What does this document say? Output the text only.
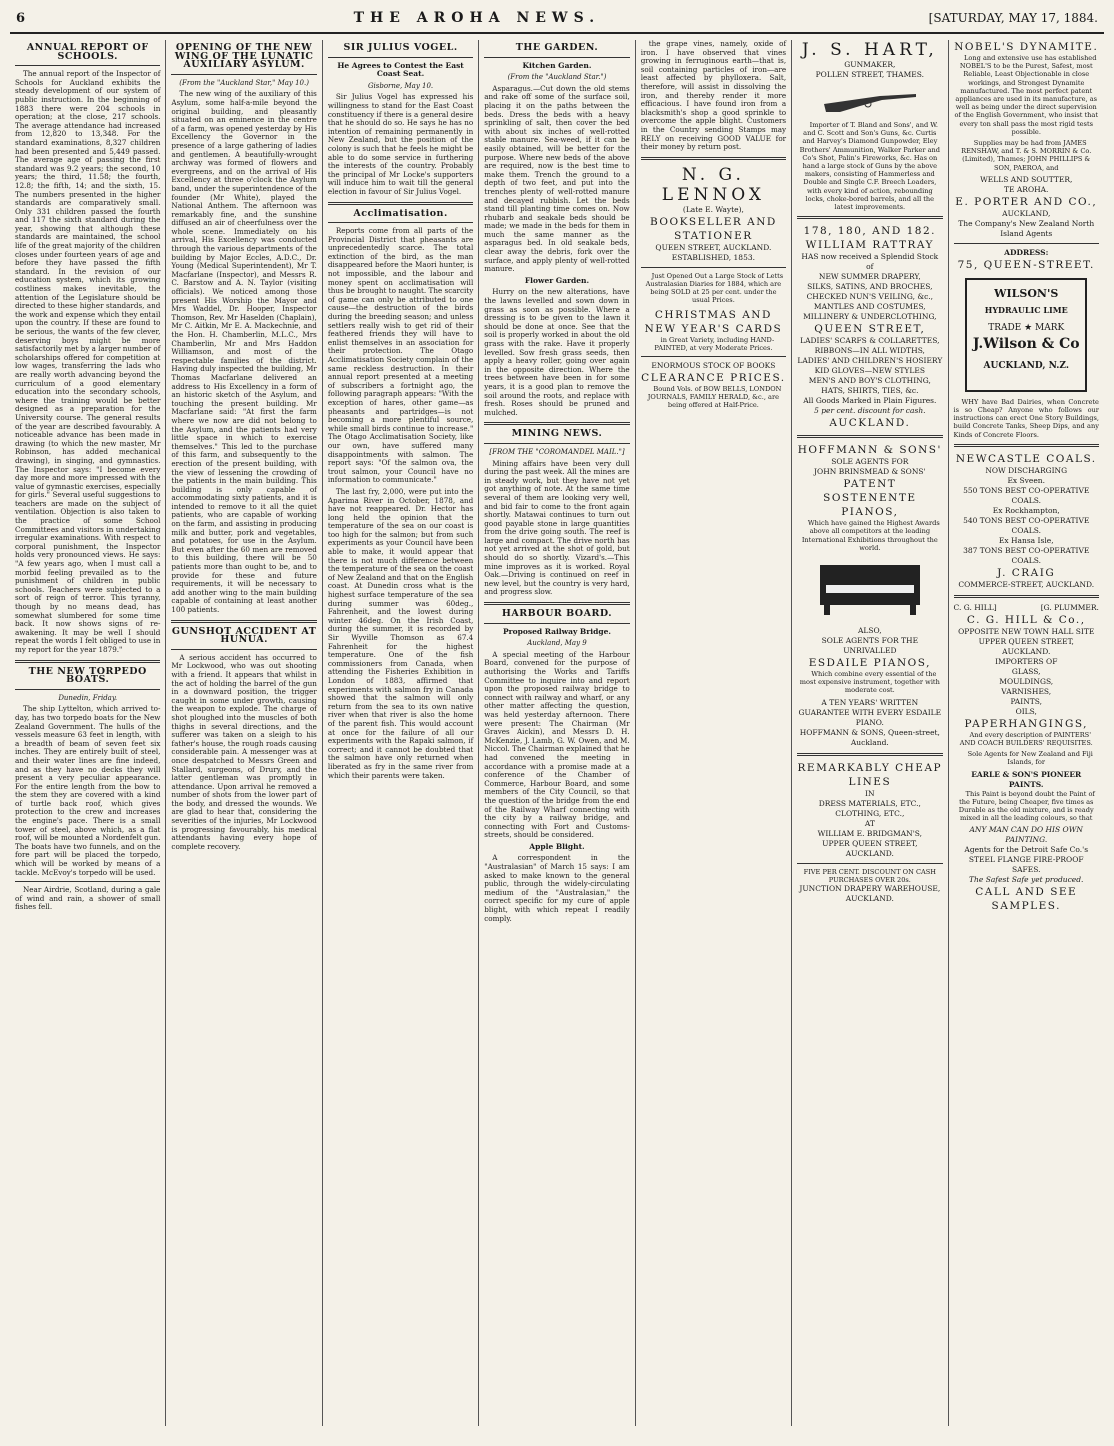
6	THE AROHA NEWS.	[SATURDAY, MAY 17, 1884.
ANNUAL REPORT OF SCHOOLS.

The annual report of the Inspector of Schools for Auckland exhibits the steady development of our system of public instruction. In the beginning of 1883 there were 204 schools in operation; at the close, 217 schools. The average attendance had increased from 12,820 to 13,348. For the standard examinations, 8,327 children had been presented and 5,449 passed. The average age of passing the first standard was 9.2 years; the second, 10 years; the third, 11.58; the fourth, 12.8; the fifth, 14; and the sixth, 15. The numbers presented in the higher standards are comparatively small. Only 331 children passed the fourth and 117 the sixth standard during the year, showing that although these standards are maintained, the school life of the great majority of the children closes under fourteen years of age and before they have passed the fifth standard. In the revision of our education system, which its growing costliness makes inevitable, the attention of the Legislature should be directed to these higher standards, and the work and expense which they entail upon the country. If these are found to be serious, the wants of the few clever, deserving boys might be more satisfactorily met by a larger number of scholarships offered for competition at low wages, transferring the lads who are really worth advancing beyond the curriculum of a good elementary education into the secondary schools, where the training would be better designed as a preparation for the University course. The general results of the year are described favourably. A noticeable advance has been made in drawing (to which the new master, Mr Robinson, has added mechanical drawing), in singing, and gymnastics. The Inspector says: "I become every day more and more impressed with the value of gymnastic exercises, especially for girls." Several useful suggestions to teachers are made on the subject of ventilation. Objection is also taken to the practice of some School Committees and visitors in undertaking irregular examinations. With respect to corporal punishment, the Inspector holds very pronounced views. He says: "A few years ago, when I must call a morbid feeling prevailed as to the punishment of children in public schools. Teachers were subjected to a sort of reign of terror. This tyranny, though by no means dead, has somewhat slumbered for some time back. It now shows signs of re-awakening. It may be well I should repeat the words I felt obliged to use in my report for the year 1879."

THE NEW TORPEDO BOATS.
Dunedin, Friday.

The ship Lyttelton, which arrived to-day, has two torpedo boats for the New Zealand Government. The hulls of the vessels measure 63 feet in length, with a breadth of beam of seven feet six inches. They are entirely built of steel, and their water lines are fine indeed, and as they have no decks they will present a very peculiar appearance. For the entire length from the bow to the stem they are covered with a kind of turtle back roof, which gives protection to the crew and increases the engine's pace. There is a small tower of steel, above which, as a flat roof, will be mounted a Nordenfelt gun. The boats have two funnels, and on the fore part will be placed the torpedo, which will be worked by means of a tackle. McEvoy's torpedo will be used.

Near Airdrie, Scotland, during a gale of wind and rain, a shower of small fishes fell.

OPENING OF THE NEW WING OF THE LUNATIC AUXILIARY ASYLUM.
(From the "Auckland Star," May 10.)

The new wing of the auxiliary of this Asylum, some half-a-mile beyond the original building, and pleasantly situated on an eminence in the centre of a farm, was opened yesterday by His Excellency the Governor in the presence of a large gathering of ladies and gentlemen. A beautifully-wrought archway was formed of flowers and evergreens, and on the arrival of His Excellency at three o'clock the Asylum band, under the superintendence of the founder (Mr White), played the National Anthem. The afternoon was remarkably fine, and the sunshine diffused an air of cheerfulness over the whole scene. Immediately on his arrival, His Excellency was conducted through the various departments of the building by Major Eccles, A.D.C., Dr. Young (Medical Superintendent), Mr T. Macfarlane (Inspector), and Messrs R. C. Barstow and A. N. Taylor (visiting officials). We noticed among those present His Worship the Mayor and Mrs Waddel, Dr. Hooper, Inspector Thomson, Rev. Mr Haselden (Chaplain), Mr C. Aitkin, Mr E. A. Mackechnie, and the Hon. H. Chamberlin, M.L.C., Mrs Chamberlin, Mr and Mrs Haddon Williamson, and most of the respectable families of the district. Having duly inspected the building, Mr Thomas Macfarlane delivered an address to His Excellency in a form of an historic sketch of the Asylum, and touching the present building. Mr Macfarlane said: "At first the farm where we now are did not belong to the Asylum, and the patients had very little space in which to exercise themselves." This led to the purchase of this farm, and subsequently to the erection of the present building, with the view of lessening the crowding of the patients in the main building. This building is only capable of accommodating sixty patients, and it is intended to remove to it all the quiet patients, who are capable of working on the farm, and assisting in producing milk and butter, pork and vegetables, and potatoes, for use in the Asylum. But even after the 60 men are removed to this building, there will be 50 patients more than ought to be, and to provide for these and future requirements, it will be necessary to add another wing to the main building capable of containing at least another 100 patients.

GUNSHOT ACCIDENT AT HUNUA.

A serious accident has occurred to Mr Lockwood, who was out shooting with a friend. It appears that whilst in the act of holding the barrel of the gun in a downward position, the trigger caught in some under growth, causing the weapon to explode. The charge of shot ploughed into the muscles of both thighs in several directions, and the sufferer was taken on a sleigh to his father's house, the rough roads causing considerable pain. A messenger was at once despatched to Messrs Green and Stallard, surgeons, of Drury, and the latter gentleman was promptly in attendance. Upon arrival he removed a number of shots from the lower part of the body, and dressed the wounds. We are glad to hear that, considering the severities of the injuries, Mr Lockwood is progressing favourably, his medical attendants having every hope of complete recovery.

SIR JULIUS VOGEL.
He Agrees to Contest the East Coast Seat.
Gisborne, May 10.

Sir Julius Vogel has expressed his willingness to stand for the East Coast constituency if there is a general desire that he should do so. He says he has no intention of remaining permanently in New Zealand, but the position of the colony is such that he feels he might be able to do some service in furthering the interests of the country. Probably the principal of Mr Locke's supporters will induce him to wait till the general election in favour of Sir Julius Vogel.

Acclimatisation.

Reports come from all parts of the Provincial District that pheasants are unprecedentedly scarce. The total extinction of the bird, as the man disappeared before the Maori hunter, is not impossible, and the labour and money spent on acclimatisation will thus be brought to naught. The scarcity of game can only be attributed to one cause—the destruction of the birds during the breeding season; and unless settlers really wish to get rid of their feathered friends they will have to enlist themselves in an association for their protection. The Otago Acclimatisation Society complain of the same reckless destruction. In their annual report presented at a meeting of subscribers a fortnight ago, the following paragraph appears: "With the exception of hares, other game—as pheasants and partridges—is not becoming a more plentiful source, while small birds continue to increase." The Otago Acclimatisation Society, like our own, have suffered many disappointments with salmon. The report says: "Of the salmon ova, the trout salmon, your Council have no information to communicate."

The last fry, 2,000, were put into the Aparima River in October, 1878, and have not reappeared. Dr. Hector has long held the opinion that the temperature of the sea on our coast is too high for the salmon; but from such experiments as your Council have been able to make, it would appear that there is not much difference between the temperature of the sea on the coast of New Zealand and that on the English coast. At Dunedin cross what is the highest surface temperature of the sea during summer was 60deg., Fahrenheit, and the lowest during winter 46deg. On the Irish Coast, during the summer, it is recorded by Sir Wyville Thomson as 67.4 Fahrenheit for the highest temperature. One of the fish commissioners from Canada, when attending the Fisheries Exhibition in London of 1883, affirmed that experiments with salmon fry in Canada showed that the salmon will only return from the sea to its own native river when that river is also the home of the parent fish. This would account at once for the failure of all our experiments with the Rapaki salmon, if correct; and it cannot be doubted that the salmon have only returned when liberated as fry in the same river from which their parents were taken.

THE GARDEN.
Kitchen Garden.
(From the "Auckland Star.")

Asparagus.—Cut down the old stems and rake off some of the surface soil, placing it on the paths between the beds. Dress the beds with a heavy sprinkling of salt, then cover the bed with about six inches of well-rotted stable manure. Sea-weed, if it can be easily obtained, will be better for the purpose. Where new beds of the above are required, now is the best time to make them. Trench the ground to a depth of two feet, and put into the trenches plenty of well-rotted manure and decayed rubbish. Let the beds stand till planting time comes on. Now rhubarb and seakale beds should be made; we made in the beds for them in much the same manner as the asparagus bed. In old seakale beds, clear away the debris, fork over the surface, and apply plenty of well-rotted manure.

Flower Garden.

Hurry on the new alterations, have the lawns levelled and sown down in grass as soon as possible. Where a dressing is to be given to the lawn it should be done at once. See that the soil is properly worked in about the old grass with the rake. Have it properly levelled. Sow fresh grass seeds, then apply a heavy roller, going over again in the opposite direction. Where the trees between have been in for some years, it is a good plan to remove the soil around the roots, and replace with fresh. Roses should be pruned and mulched.

MINING NEWS.
[FROM THE "COROMANDEL MAIL."]

Mining affairs have been very dull during the past week. All the mines are in steady work, but they have not yet got anything of note. At the same time several of them are looking very well, and bid fair to come to the front again shortly. Matawai continues to turn out good payable stone in large quantities from the drive going south. The reef is large and compact. The drive north has not yet arrived at the shot of gold, but should do so shortly. Vizard's.—This mine improves as it is worked. Royal Oak.—Driving is continued on reef in new level, but the country is very hard, and progress slow.

HARBOUR BOARD.
Proposed Railway Bridge.
Auckland, May 9

A special meeting of the Harbour Board, convened for the purpose of authorising the Works and Tariffs Committee to inquire into and report upon the proposed railway bridge to connect with railway and wharf, or any other matter affecting the question, was held yesterday afternoon. There were present: The Chairman (Mr Graves Aickin), and Messrs D. H. McKenzie, J. Lamb, G. W. Owen, and M. Niccol. The Chairman explained that he had convened the meeting in accordance with a promise made at a conference of the Chamber of Commerce, Harbour Board, and some members of the City Council, so that the question of the bridge from the end of the Railway Wharf connecting with the city by a railway bridge, and connecting with Fort and Customs-streets, should be considered.

Apple Blight.

A correspondent in the "Australasian" of March 15 says: I am asked to make known to the general public, through the widely-circulating medium of the "Australasian," the correct specific for my cure of apple blight, with which repeat I readily comply.

the grape vines, namely, oxide of iron. I have observed that vines growing in ferruginous earth—that is, soil containing particles of iron—are least affected by phylloxera. Salt, therefore, will assist in dissolving the iron, and thereby render it more efficacious. I have found iron from a blacksmith's shop a good sprinkle to overcome the apple blight. Customers in the Country sending Stamps may RELY on receiving GOOD VALUE for their money by return post.

N. G. LENNOX
(Late E. Wayte),
BOOKSELLER AND STATIONER
QUEEN STREET, AUCKLAND.
ESTABLISHED, 1853.

Just Opened Out a Large Stock of Letts Australasian Diaries for 1884, which are being SOLD at 25 per cent. under the usual Prices.

CHRISTMAS AND NEW YEAR'S CARDS

in Great Variety, including HAND-PAINTED, at very Moderate Prices.

ENORMOUS STOCK OF BOOKS
CLEARANCE PRICES.

Bound Vols. of BOW BELLS, LONDON JOURNALS, FAMILY HERALD, &c., are being offered at Half-Price.

J. S. HART,
GUNMAKER,
POLLEN STREET, THAMES.

Importer of T. Bland and Sons', and W. and C. Scott and Son's Guns, &c. Curtis and Harvey's Diamond Gunpowder, Eley Brothers' Ammunition, Walker Parker and Co's Shot, Palin's Fireworks, &c. Has on hand a large stock of Guns by the above makers, consisting of Hammerless and Double and Single C.F. Breech Loaders, with every kind of action, rebounding locks, choke-bored barrels, and all the latest improvements.

178, 180, AND 182.
WILLIAM RATTRAY
HAS now received a Splendid Stock of
NEW SUMMER DRAPERY,
SILKS, SATINS, AND BROCHES,
CHECKED NUN'S VEILING, &c.,
MANTLES AND COSTUMES,
MILLINERY & UNDERCLOTHING,
QUEEN STREET,
LADIES' SCARFS & COLLARETTES,
RIBBONS—IN ALL WIDTHS,
LADIES' AND CHILDREN'S HOSIERY
KID GLOVES—NEW STYLES
MEN'S AND BOY'S CLOTHING,
HATS, SHIRTS, TIES, &c.
All Goods Marked in Plain Figures.
5 per cent. discount for cash.
AUCKLAND.
HOFFMANN & SONS'
SOLE AGENTS FOR
JOHN BRINSMEAD & SONS'
PATENT SOSTENENTE PIANOS,

Which have gained the Highest Awards above all competitors at the leading International Exhibitions throughout the world.

ALSO,
SOLE AGENTS FOR THE UNRIVALLED
ESDAILE PIANOS,

Which combine every essential of the most expensive instrument, together with moderate cost.

A TEN YEARS' WRITTEN GUARANTEE WITH EVERY ESDAILE PIANO.
HOFFMANN & SONS, Queen-street, Auckland.
REMARKABLY CHEAP LINES
IN
DRESS MATERIALS, ETC., CLOTHING, ETC.,
AT
WILLIAM E. BRIDGMAN'S,
UPPER QUEEN STREET, AUCKLAND.
FIVE PER CENT. DISCOUNT ON CASH PURCHASES OVER 20s.
JUNCTION DRAPERY WAREHOUSE,
AUCKLAND.
NOBEL'S DYNAMITE.

Long and extensive use has established NOBEL'S to be the Purest, Safest, most Reliable, Least Objectionable in close workings, and Strongest Dynamite manufactured. The most perfect patent appliances are used in its manufacture, as well as being under the direct supervision of the English Government, who insist that every ton shall pass the most rigid tests possible.

Supplies may be had from JAMES RENSHAW, and T. & S. MORRIN & Co. (Limited), Thames; JOHN PHILLIPS & SON, PAEROA, and

WELLS AND SOUTTER,
TE AROHA.
E. PORTER AND CO.,
AUCKLAND,
The Company's New Zealand North Island Agents
ADDRESS:
75, QUEEN-STREET.
WILSON'S
HYDRAULIC LIME
TRADE ★ MARK
J.Wilson & Co
AUCKLAND, N.Z.

WHY have Bad Dairies, when Concrete is so Cheap? Anyone who follows our instructions can erect One Story Buildings, build Concrete Tanks, Sheep Dips, and any Kinds of Concrete Floors.

NEWCASTLE COALS.
NOW DISCHARGING
Ex Sveen.
550 TONS BEST CO-OPERATIVE COALS.
Ex Rockhampton,
540 TONS BEST CO-OPERATIVE COALS.
Ex Hansa Isle,
387 TONS BEST CO-OPERATIVE COALS.
J. CRAIG
COMMERCE-STREET, AUCKLAND.
C. G. HILL]	[G. PLUMMER.
C. G. HILL & Co.,
OPPOSITE NEW TOWN HALL SITE
UPPER QUEEN STREET, AUCKLAND.
IMPORTERS OF
GLASS,
MOULDINGS,
VARNISHES,
PAINTS,
OILS,
PAPERHANGINGS,

And every description of PAINTERS' AND COACH BUILDERS' REQUISITES.

Sole Agents for New Zealand and Fiji Islands, for

EARLE & SON'S PIONEER PAINTS.

This Paint is beyond doubt the Paint of the Future, being Cheaper, five times as Durable as the old mixture, and is ready mixed in all the leading colours, so that

ANY MAN CAN DO HIS OWN PAINTING.
Agents for the Detroit Safe Co.'s
STEEL FLANGE FIRE-PROOF SAFES.
The Safest Safe yet produced.
CALL AND SEE SAMPLES.
